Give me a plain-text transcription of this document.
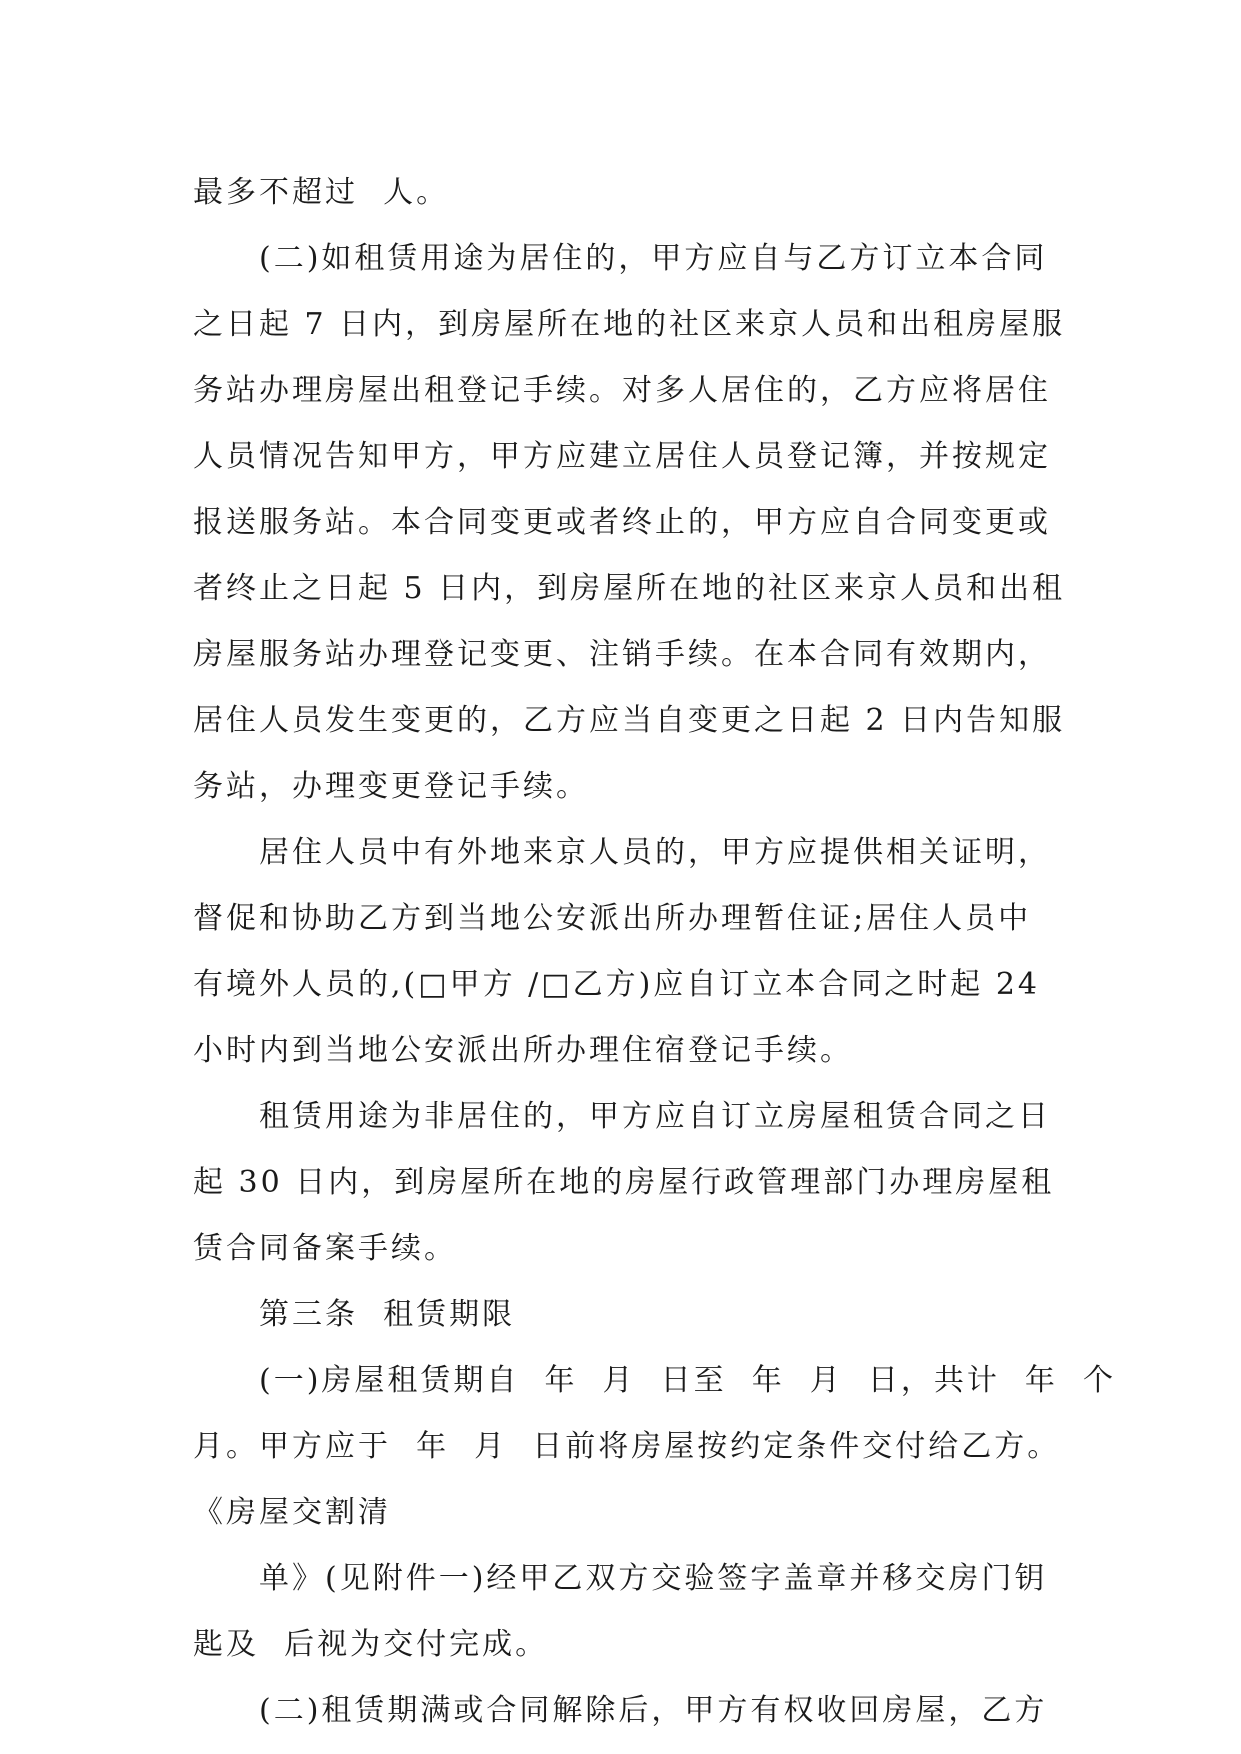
最多不超过  人。
(二)如租赁用途为居住的，甲方应自与乙方订立本合同
之日起 7 日内，到房屋所在地的社区来京人员和出租房屋服
务站办理房屋出租登记手续。对多人居住的，乙方应将居住
人员情况告知甲方，甲方应建立居住人员登记簿，并按规定
报送服务站。本合同变更或者终止的，甲方应自合同变更或
者终止之日起 5 日内，到房屋所在地的社区来京人员和出租
房屋服务站办理登记变更、注销手续。在本合同有效期内，
居住人员发生变更的，乙方应当自变更之日起 2 日内告知服
务站，办理变更登记手续。
居住人员中有外地来京人员的，甲方应提供相关证明，
督促和协助乙方到当地公安派出所办理暂住证;居住人员中
有境外人员的,(□甲方 /□乙方)应自订立本合同之时起 24
小时内到当地公安派出所办理住宿登记手续。
租赁用途为非居住的，甲方应自订立房屋租赁合同之日
起 30 日内，到房屋所在地的房屋行政管理部门办理房屋租
赁合同备案手续。
第三条  租赁期限
(一)房屋租赁期自  年  月  日至  年  月  日，共计  年  个
月。甲方应于  年  月  日前将房屋按约定条件交付给乙方。
《房屋交割清
单》(见附件一)经甲乙双方交验签字盖章并移交房门钥
匙及  后视为交付完成。
(二)租赁期满或合同解除后，甲方有权收回房屋，乙方
